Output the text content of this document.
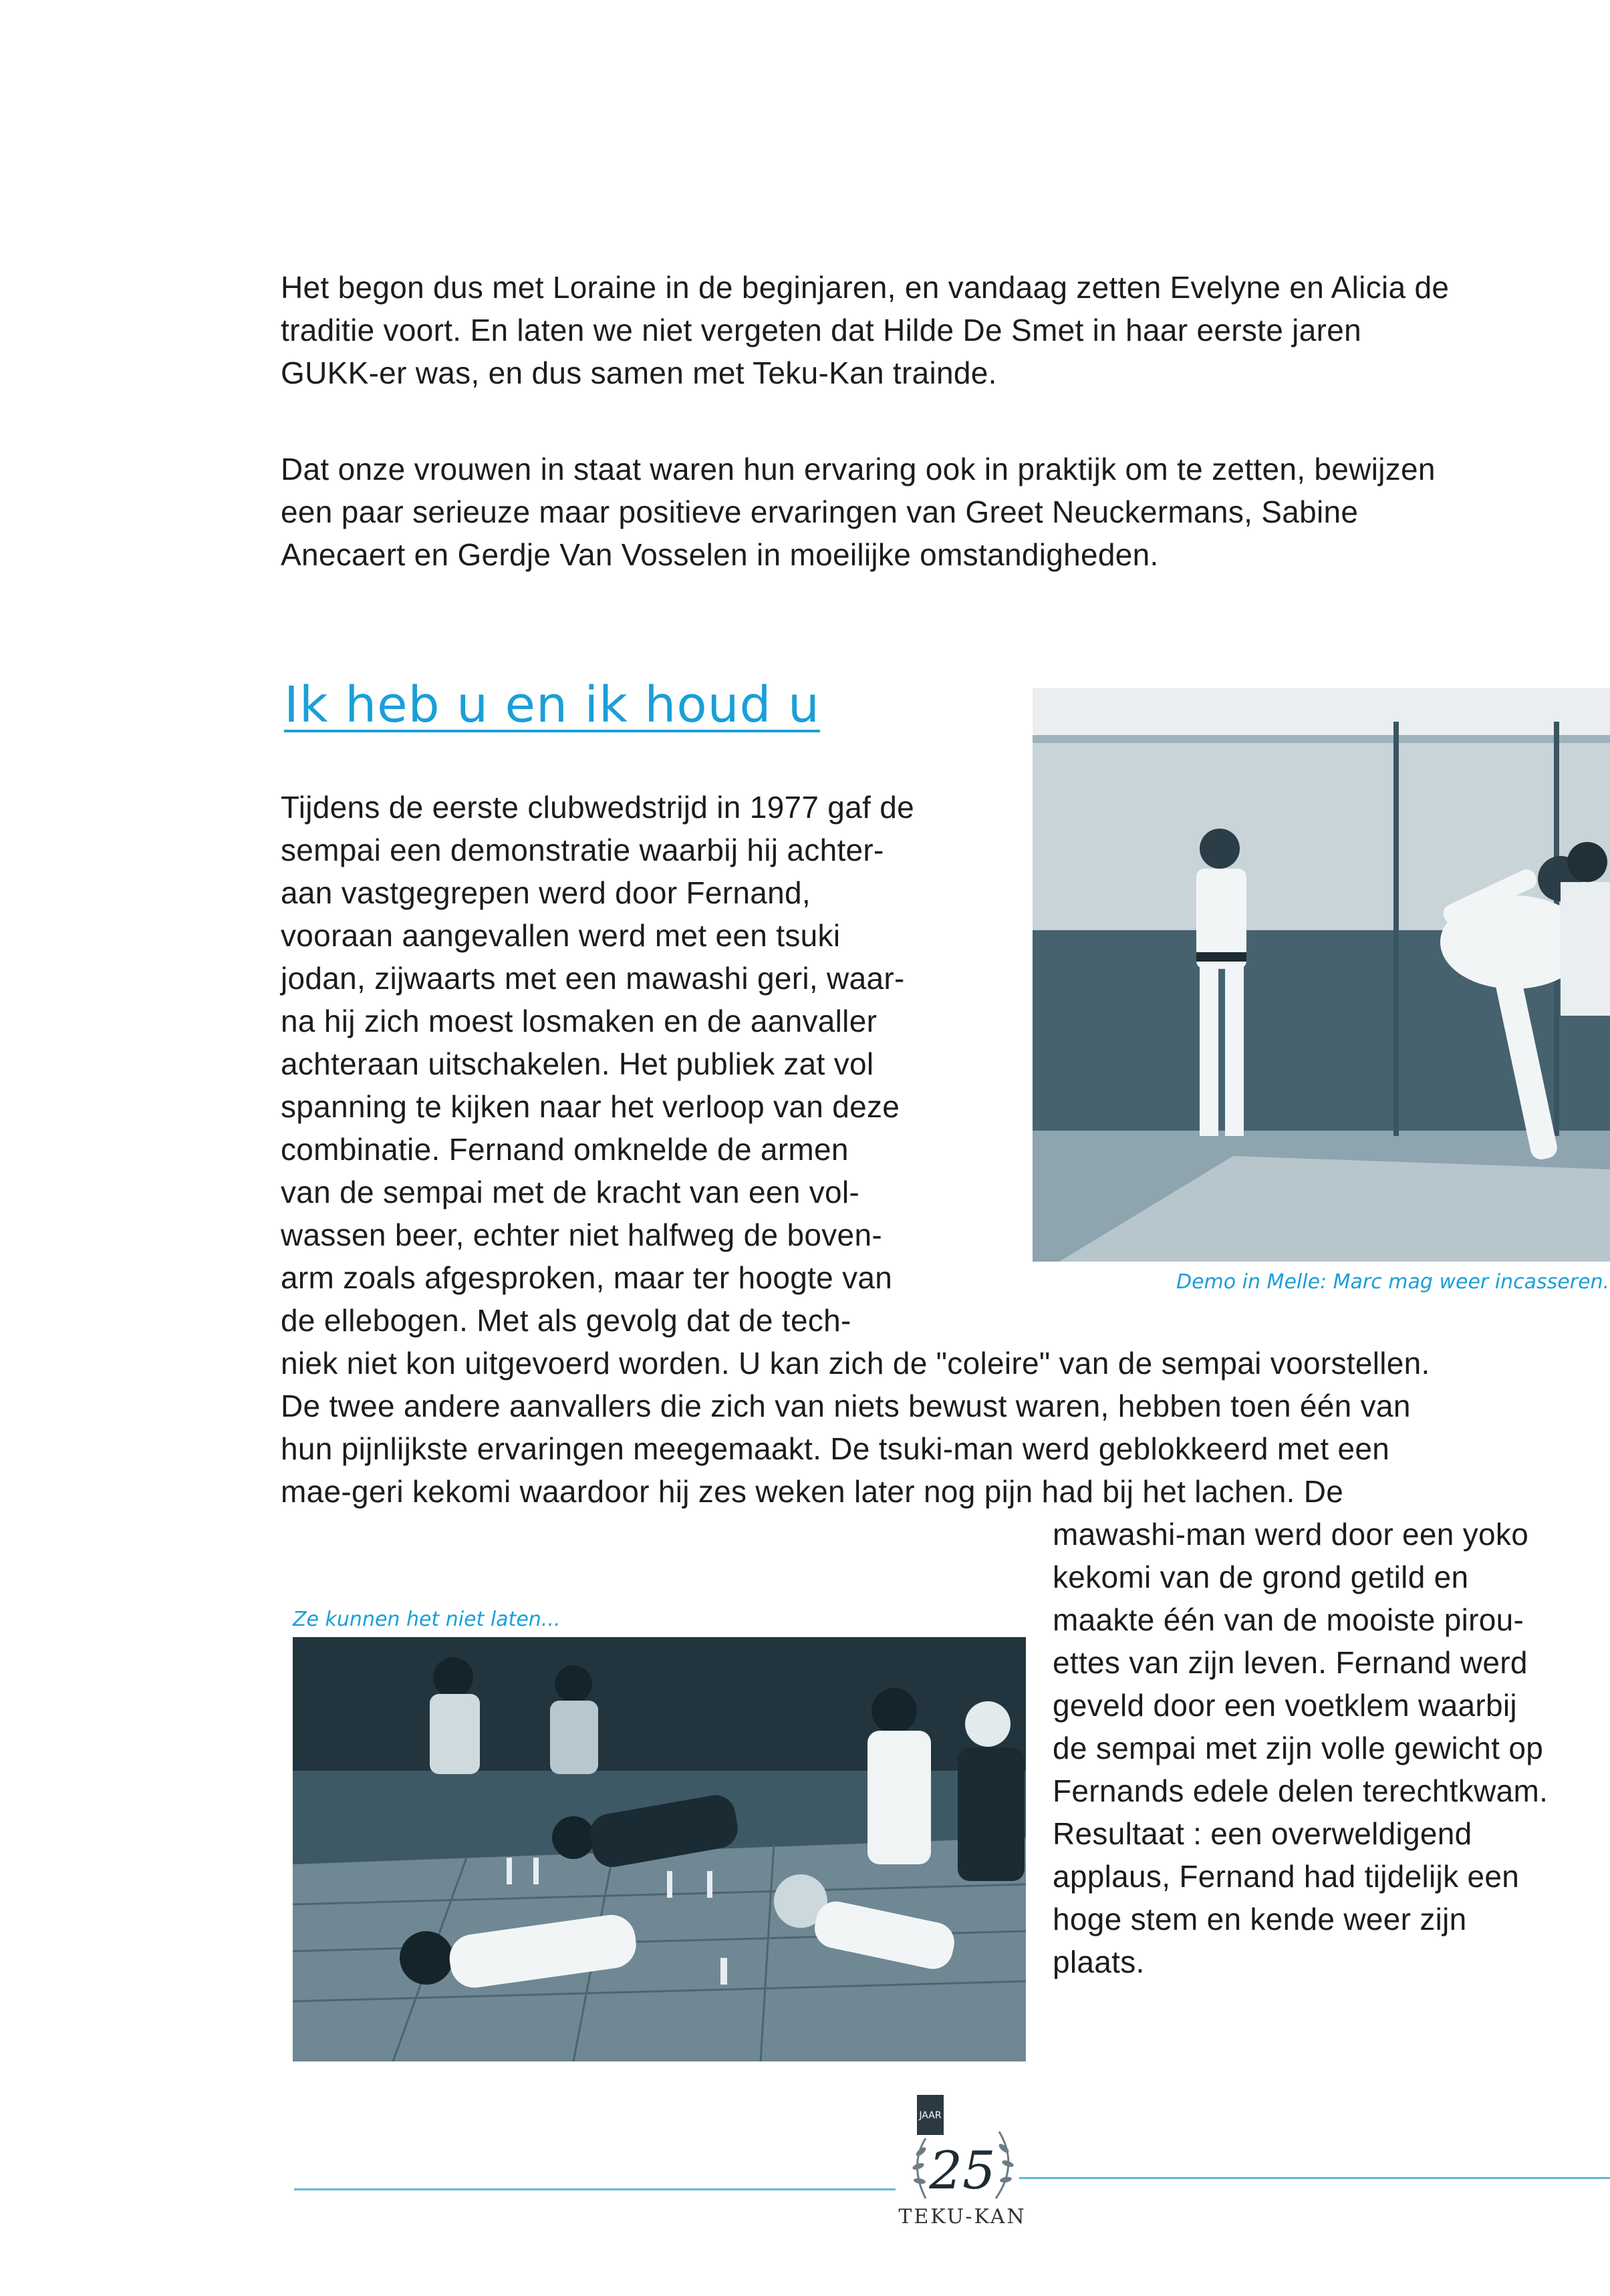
Het begon dus met Loraine in de beginjaren, en vandaag zetten Evelyne en Alicia de
traditie voort. En laten we niet vergeten dat Hilde De Smet in haar eerste jaren
GUKK-er was, en dus samen met Teku-Kan trainde.
Dat onze vrouwen in staat waren hun ervaring ook in praktijk om te zetten, bewijzen
een paar serieuze maar positieve ervaringen van Greet Neuckermans, Sabine
Anecaert en Gerdje Van Vosselen in moeilijke omstandigheden.
Ik heb u en ik houd u
Demo in Melle: Marc mag weer incasseren.
Tijdens de eerste clubwedstrijd in 1977 gaf de
sempai een demonstratie waarbij hij achter-
aan vastgegrepen werd door Fernand,
vooraan aangevallen werd met een tsuki
jodan, zijwaarts met een mawashi geri, waar-
na hij zich moest losmaken en de aanvaller
achteraan uitschakelen. Het publiek zat vol
spanning te kijken naar het verloop van deze
combinatie. Fernand omknelde de armen
van de sempai met de kracht van een vol-
wassen beer, echter niet halfweg de boven-
arm zoals afgesproken, maar ter hoogte van
de ellebogen. Met als gevolg dat de tech-
niek niet kon uitgevoerd worden. U kan zich de "coleire" van de sempai voorstellen.
De twee andere aanvallers die zich van niets bewust waren, hebben toen één van
hun pijnlijkste ervaringen meegemaakt. De tsuki-man werd geblokkeerd met een
mae-geri kekomi waardoor hij zes weken later nog pijn had bij het lachen. De
Ze kunnen het niet laten...
mawashi-man werd door een yoko
kekomi van de grond getild en
maakte één van de mooiste pirou-
ettes van zijn leven. Fernand werd
geveld door een voetklem waarbij
de sempai met zijn volle gewicht op
Fernands edele delen terechtkwam.
Resultaat : een overweldigend
applaus, Fernand had tijdelijk een
hoge stem en kende weer zijn
plaats.
JAAR
25
TEKU-KAN
